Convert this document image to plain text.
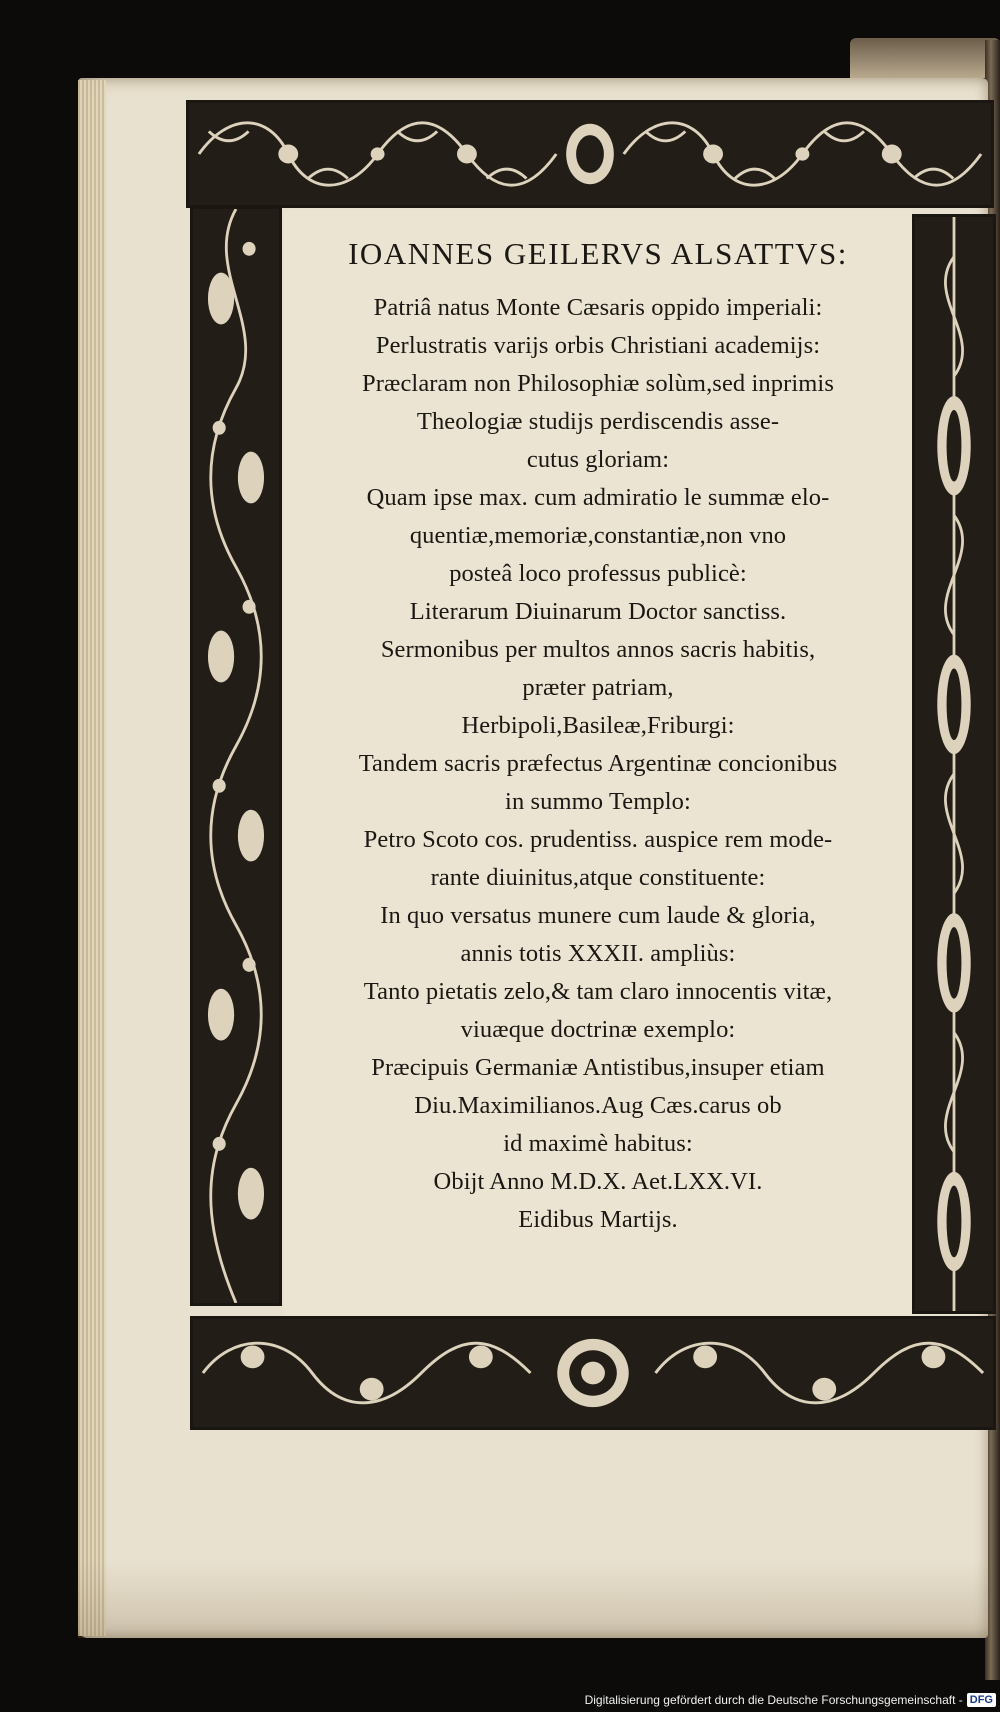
IOANNES GEILERVS ALSATTVS:
Patriâ natus Monte Cæsaris oppido imperiali:
Perlustratis varijs orbis Christiani academijs:
Præclaram non Philosophiæ solùm,sed inprimis
Theologiæ studijs perdiscendis asse-
cutus gloriam:
Quam ipse max. cum admiratio le summæ elo-
quentiæ,memoriæ,constantiæ,non vno
posteâ loco professus publicè:
Literarum Diuinarum Doctor sanctiss.
Sermonibus per multos annos sacris habitis,
præter patriam,
Herbipoli,Basileæ,Friburgi:
Tandem sacris præfectus Argentinæ concionibus
in summo Templo:
Petro Scoto cos. prudentiss. auspice rem mode-
rante diuinitus,atque constituente:
In quo versatus munere cum laude & gloria,
annis totis XXXII. ampliùs:
Tanto pietatis zelo,& tam claro innocentis vitæ,
viuæque doctrinæ exemplo:
Præcipuis Germaniæ Antistibus,insuper etiam
Diu.Maximilianos.Aug Cæs.carus ob
id maximè habitus:
Obijt Anno M.D.X. Aet.LXX.VI.
Eidibus Martijs.
Digitalisierung gefördert durch die Deutsche Forschungsgemeinschaft - DFG
